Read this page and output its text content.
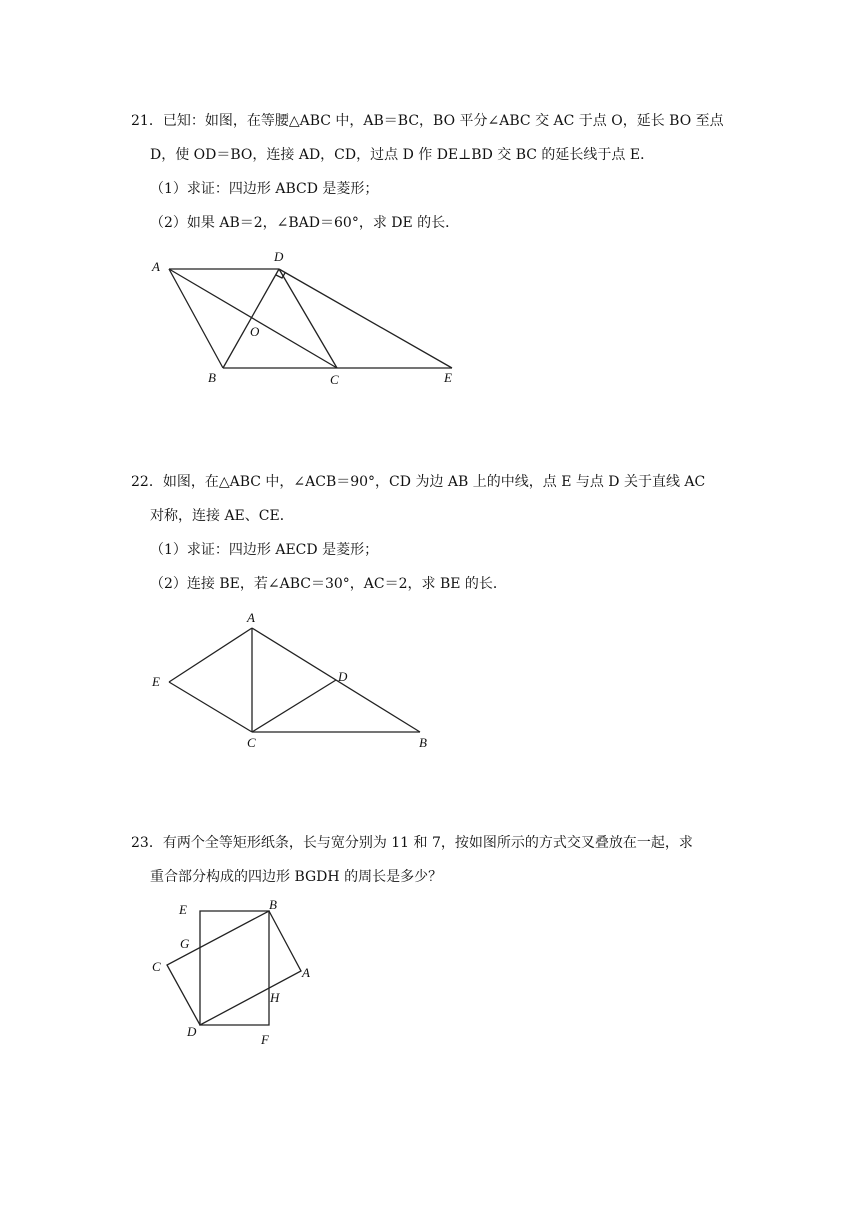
21．已知：如图，在等腰△ABC 中，AB＝BC，BO 平分∠ABC 交 AC 于点 O，延长 BO 至点
D，使 OD＝BO，连接 AD，CD，过点 D 作 DE⊥BD 交 BC 的延长线于点 E．
（1）求证：四边形 ABCD 是菱形；
（2）如果 AB＝2，∠BAD＝60°，求 DE 的长．
A
D
O
B	C	E
22．如图，在△ABC 中，∠ACB＝90°，CD 为边 AB 上的中线，点 E 与点 D 关于直线 AC
对称，连接 AE、CE．
（1）求证：四边形 AECD 是菱形；
（2）连接 BE，若∠ABC＝30°，AC＝2，求 BE 的长．
A
E	D
C	B
23．有两个全等矩形纸条，长与宽分别为 11 和 7，按如图所示的方式交叉叠放在一起，求
重合部分构成的四边形 BGDH 的周长是多少？
E	B
G
C	A
H
D
F
